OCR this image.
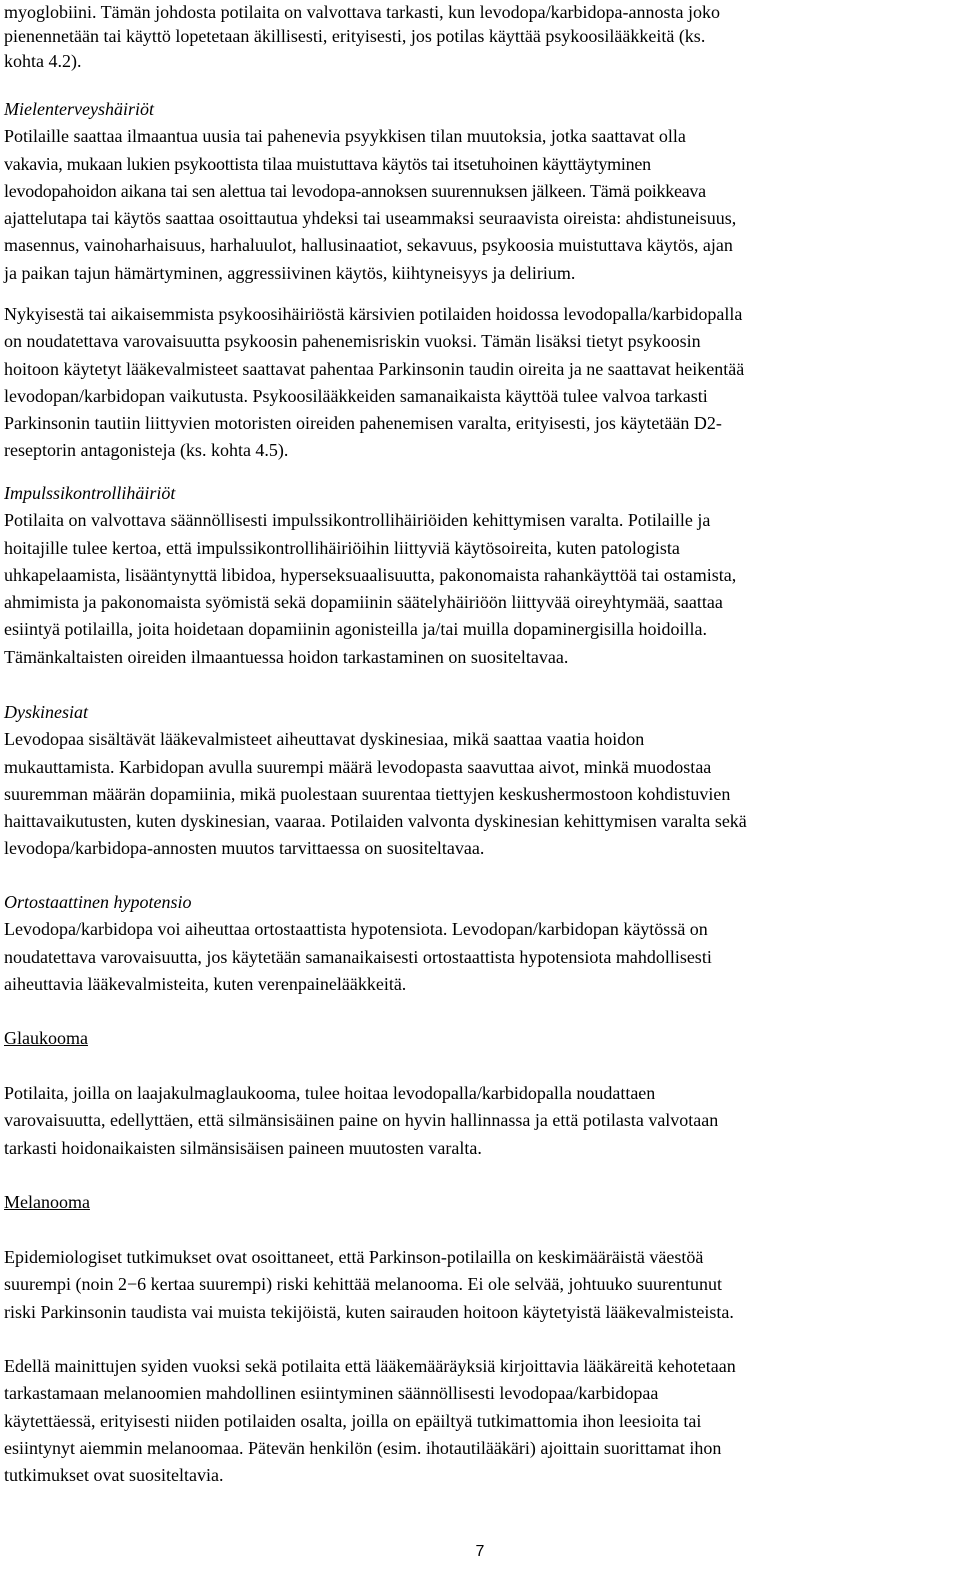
myoglobiini. Tämän johdosta potilaita on valvottava tarkasti, kun levodopa/karbidopa-annosta joko
pienennetään tai käyttö lopetetaan äkillisesti, erityisesti, jos potilas käyttää psykoosilääkkeitä (ks.
kohta 4.2).
Mielenterveyshäiriöt
Potilaille saattaa ilmaantua uusia tai pahenevia psyykkisen tilan muutoksia, jotka saattavat olla
vakavia, mukaan lukien psykoottista tilaa muistuttava käytös tai itsetuhoinen käyttäytyminen
levodopahoidon aikana tai sen alettua tai levodopa-annoksen suurennuksen jälkeen. Tämä poikkeava
ajattelutapa tai käytös saattaa osoittautua yhdeksi tai useammaksi seuraavista oireista: ahdistuneisuus,
masennus, vainoharhaisuus, harhaluulot, hallusinaatiot, sekavuus, psykoosia muistuttava käytös, ajan
ja paikan tajun hämärtyminen, aggressiivinen käytös, kiihtyneisyys ja delirium.
Nykyisestä tai aikaisemmista psykoosihäiriöstä kärsivien potilaiden hoidossa levodopalla/karbidopalla
on noudatettava varovaisuutta psykoosin pahenemisriskin vuoksi. Tämän lisäksi tietyt psykoosin
hoitoon käytetyt lääkevalmisteet saattavat pahentaa Parkinsonin taudin oireita ja ne saattavat heikentää
levodopan/karbidopan vaikutusta. Psykoosilääkkeiden samanaikaista käyttöä tulee valvoa tarkasti
Parkinsonin tautiin liittyvien motoristen oireiden pahenemisen varalta, erityisesti, jos käytetään D2-
reseptorin antagonisteja (ks. kohta 4.5).
Impulssikontrollihäiriöt
Potilaita on valvottava säännöllisesti impulssikontrollihäiriöiden kehittymisen varalta. Potilaille ja
hoitajille tulee kertoa, että impulssikontrollihäiriöihin liittyviä käytösoireita, kuten patologista
uhkapelaamista, lisääntynyttä libidoa, hyperseksuaalisuutta, pakonomaista rahankäyttöä tai ostamista,
ahmimista ja pakonomaista syömistä sekä dopamiinin säätelyhäiriöön liittyvää oireyhtymää, saattaa
esiintyä potilailla, joita hoidetaan dopamiinin agonisteilla ja/tai muilla dopaminergisilla hoidoilla.
Tämänkaltaisten oireiden ilmaantuessa hoidon tarkastaminen on suositeltavaa.
Dyskinesiat
Levodopaa sisältävät lääkevalmisteet aiheuttavat dyskinesiaa, mikä saattaa vaatia hoidon
mukauttamista. Karbidopan avulla suurempi määrä levodopasta saavuttaa aivot, minkä muodostaa
suuremman määrän dopamiinia, mikä puolestaan suurentaa tiettyjen keskushermostoon kohdistuvien
haittavaikutusten, kuten dyskinesian, vaaraa. Potilaiden valvonta dyskinesian kehittymisen varalta sekä
levodopa/karbidopa-annosten muutos tarvittaessa on suositeltavaa.
Ortostaattinen hypotensio
Levodopa/karbidopa voi aiheuttaa ortostaattista hypotensiota. Levodopan/karbidopan käytössä on
noudatettava varovaisuutta, jos käytetään samanaikaisesti ortostaattista hypotensiota mahdollisesti
aiheuttavia lääkevalmisteita, kuten verenpainelääkkeitä.
Glaukooma
Potilaita, joilla on laajakulmaglaukooma, tulee hoitaa levodopalla/karbidopalla noudattaen
varovaisuutta, edellyttäen, että silmänsisäinen paine on hyvin hallinnassa ja että potilasta valvotaan
tarkasti hoidonaikaisten silmänsisäisen paineen muutosten varalta.
Melanooma
Epidemiologiset tutkimukset ovat osoittaneet, että Parkinson-potilailla on keskimääräistä väestöä
suurempi (noin 2−6 kertaa suurempi) riski kehittää melanooma. Ei ole selvää, johtuuko suurentunut
riski Parkinsonin taudista vai muista tekijöistä, kuten sairauden hoitoon käytetyistä lääkevalmisteista.
Edellä mainittujen syiden vuoksi sekä potilaita että lääkemääräyksiä kirjoittavia lääkäreitä kehotetaan
tarkastamaan melanoomien mahdollinen esiintyminen säännöllisesti levodopaa/karbidopaa
käytettäessä, erityisesti niiden potilaiden osalta, joilla on epäiltyä tutkimattomia ihon leesioita tai
esiintynyt aiemmin melanoomaa. Pätevän henkilön (esim. ihotautilääkäri) ajoittain suorittamat ihon
tutkimukset ovat suositeltavia.
7
